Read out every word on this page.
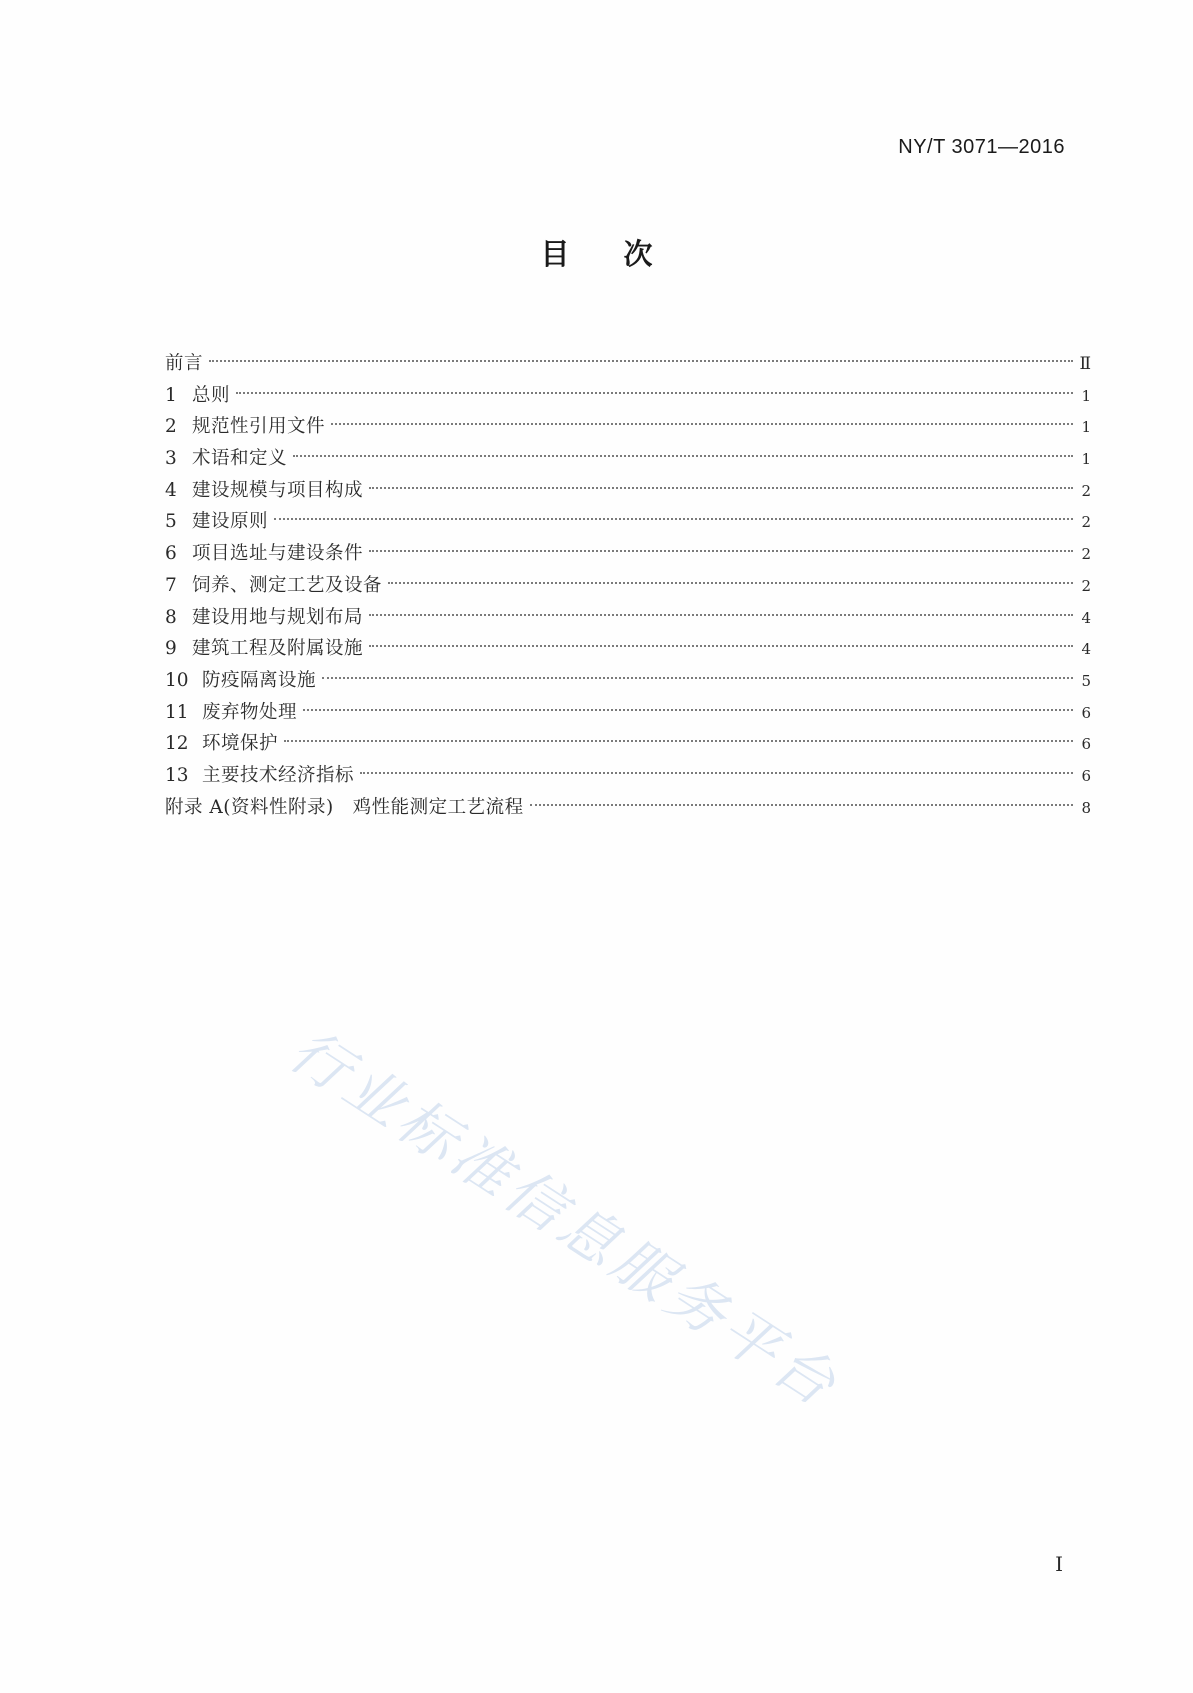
NY/T 3071—2016
目次
前言	Ⅱ
1 总则	1
2 规范性引用文件	1
3 术语和定义	1
4 建设规模与项目构成	2
5 建设原则	2
6 项目选址与建设条件	2
7 饲养、测定工艺及设备	2
8 建设用地与规划布局	4
9 建筑工程及附属设施	4
10 防疫隔离设施	5
11 废弃物处理	6
12 环境保护	6
13 主要技术经济指标	6
附录 A(资料性附录)　鸡性能测定工艺流程	8
行业标准信息服务平台
I
